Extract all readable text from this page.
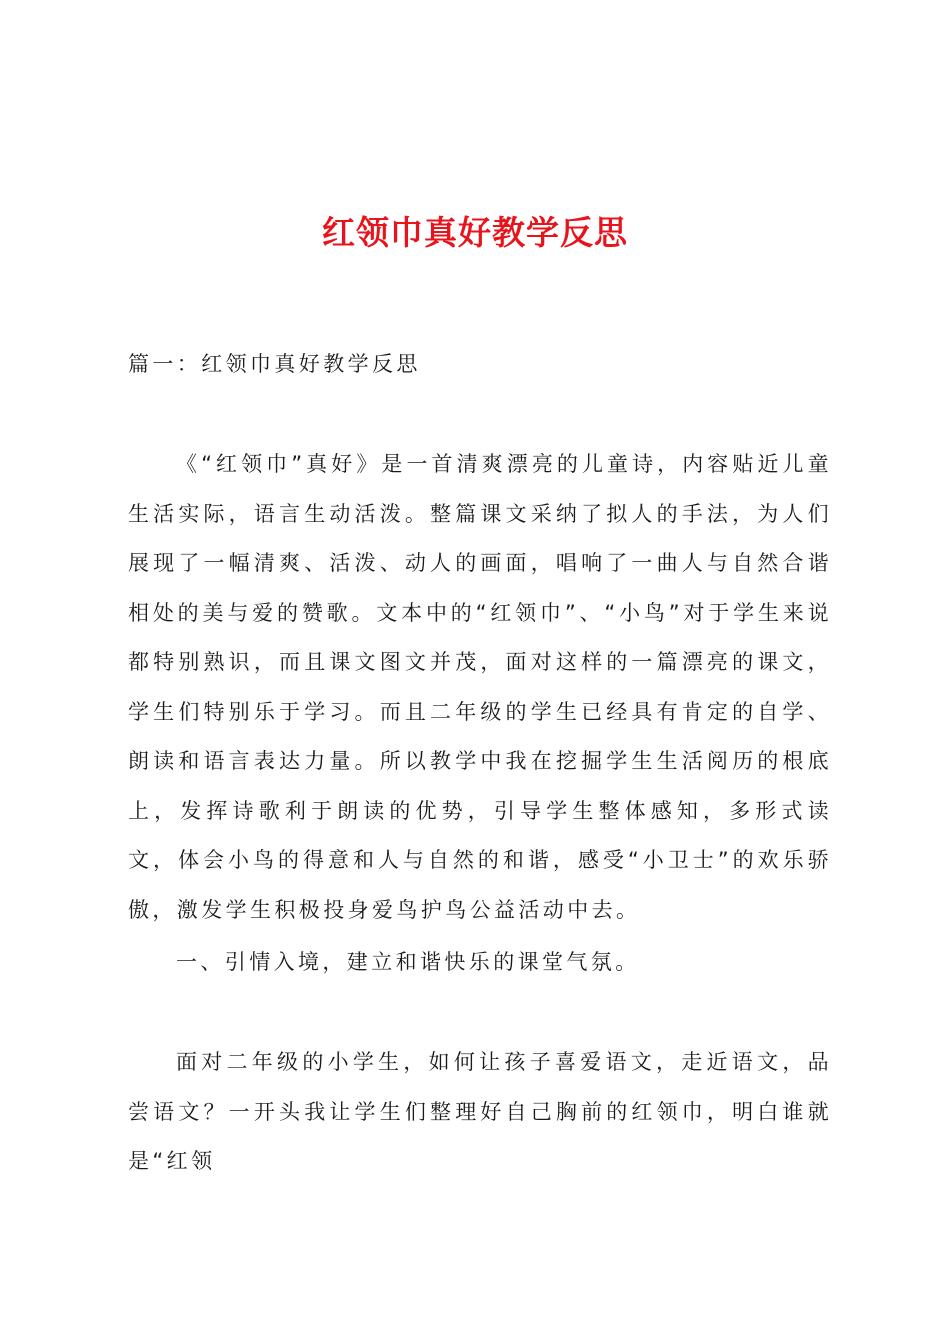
红领巾真好教学反思

篇一：红领巾真好教学反思

《“红领巾”真好》是一首清爽漂亮的儿童诗，内容贴近儿童生活实际，语言生动活泼。整篇课文采纳了拟人的手法，为人们展现了一幅清爽、活泼、动人的画面，唱响了一曲人与自然合谐相处的美与爱的赞歌。文本中的“红领巾”、“小鸟”对于学生来说都特别熟识，而且课文图文并茂，面对这样的一篇漂亮的课文，学生们特别乐于学习。而且二年级的学生已经具有肯定的自学、朗读和语言表达力量。所以教学中我在挖掘学生生活阅历的根底上，发挥诗歌利于朗读的优势，引导学生整体感知，多形式读文，体会小鸟的得意和人与自然的和谐，感受“小卫士”的欢乐骄傲，激发学生积极投身爱鸟护鸟公益活动中去。

一、引情入境，建立和谐快乐的课堂气氛。

面对二年级的小学生，如何让孩子喜爱语文，走近语文，品尝语文？一开头我让学生们整理好自己胸前的红领巾，明白谁就是“红领
